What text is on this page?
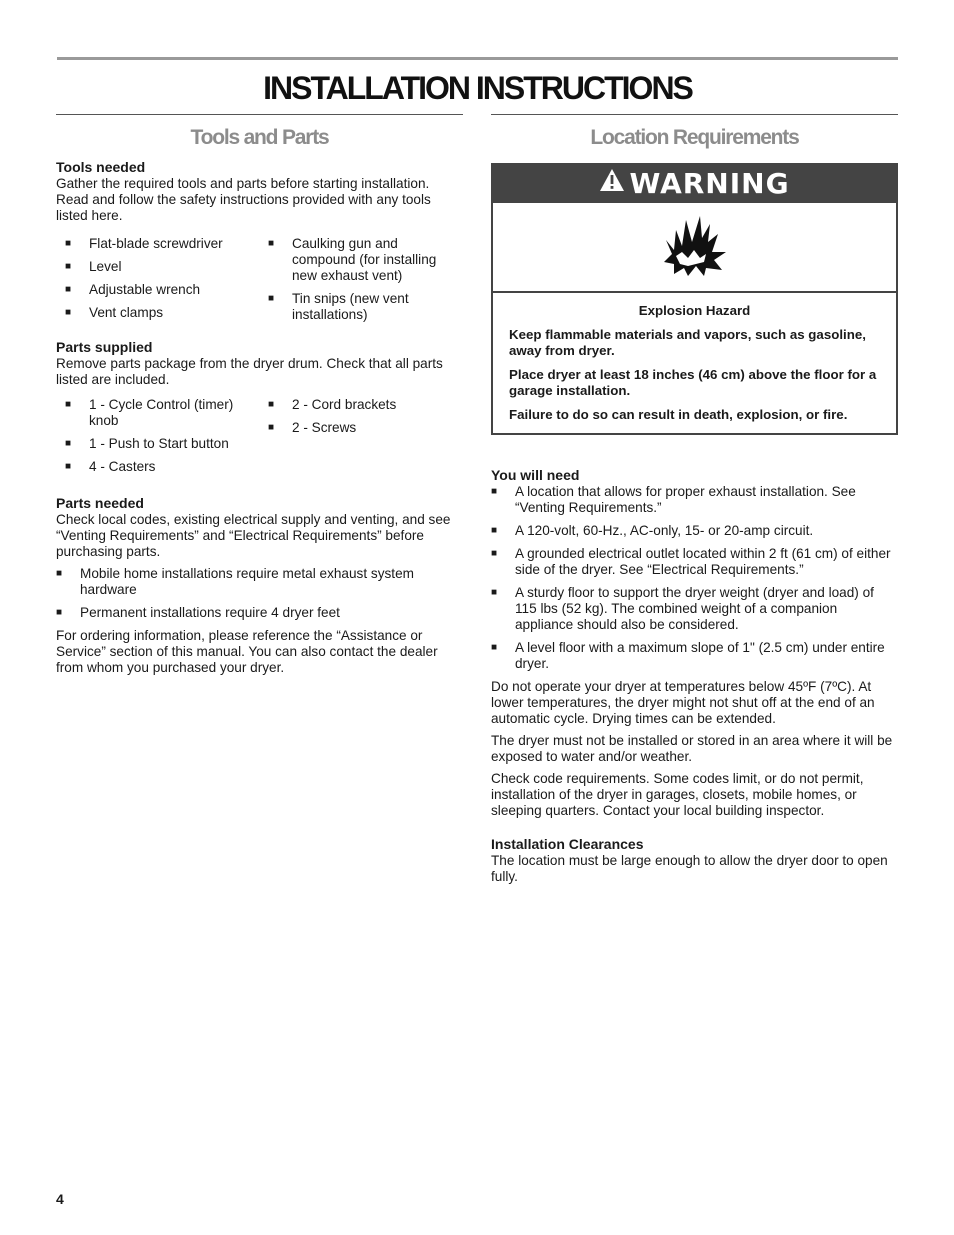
INSTALLATION INSTRUCTIONS
Tools and Parts
Tools needed

Gather the required tools and parts before starting installation. Read and follow the safety instructions provided with any tools listed here.

■ Flat-blade screwdriver
■ Level
■ Adjustable wrench
■ Vent clamps
■ Caulking gun and compound (for installing new exhaust vent)
■ Tin snips (new vent installations)
Parts supplied

Remove parts package from the dryer drum. Check that all parts listed are included.

■ 1 - Cycle Control (timer) knob
■ 1 - Push to Start button
■ 4 - Casters
■ 2 - Cord brackets
■ 2 - Screws
Parts needed

Check local codes, existing electrical supply and venting, and see “Venting Requirements” and “Electrical Requirements” before purchasing parts.

■ Mobile home installations require metal exhaust system hardware
■ Permanent installations require 4 dryer feet

For ordering information, please reference the “Assistance or Service” section of this manual. You can also contact the dealer from whom you purchased your dryer.

Location Requirements
WARNING

Explosion Hazard

Keep flammable materials and vapors, such as gasoline, away from dryer.

Place dryer at least 18 inches (46 cm) above the floor for a garage installation.

Failure to do so can result in death, explosion, or fire.

You will need
■ A location that allows for proper exhaust installation. See “Venting Requirements.”
■ A 120-volt, 60-Hz., AC-only, 15- or 20-amp circuit.
■ A grounded electrical outlet located within 2 ft (61 cm) of either side of the dryer. See “Electrical Requirements.”
■ A sturdy floor to support the dryer weight (dryer and load) of 115 lbs (52 kg). The combined weight of a companion appliance should also be considered.
■ A level floor with a maximum slope of 1" (2.5 cm) under entire dryer.

Do not operate your dryer at temperatures below 45ºF (7ºC). At lower temperatures, the dryer might not shut off at the end of an automatic cycle. Drying times can be extended.

The dryer must not be installed or stored in an area where it will be exposed to water and/or weather.

Check code requirements. Some codes limit, or do not permit, installation of the dryer in garages, closets, mobile homes, or sleeping quarters. Contact your local building inspector.

Installation Clearances

The location must be large enough to allow the dryer door to open fully.

4
